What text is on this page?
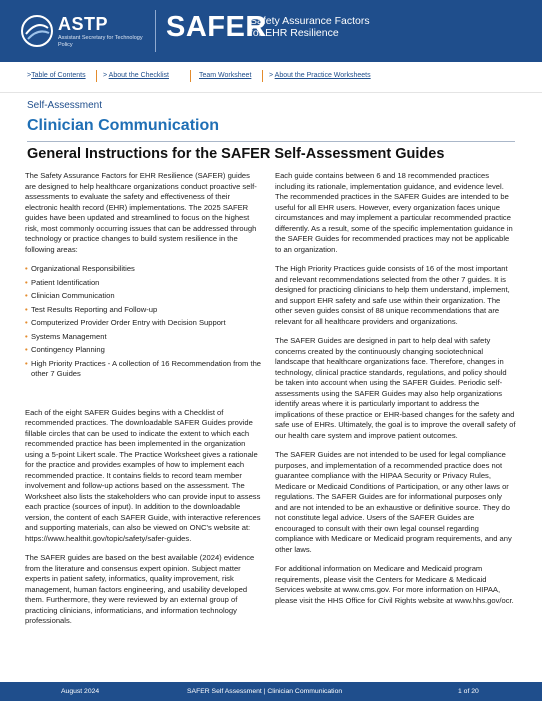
ASTP
Assistant Secretary for Technology Policy
SAFER
Safety Assurance Factors
for EHR Resilience
>Table of Contents > About the Checklist	Team Worksheet	> About the Practice Worksheets
Self-Assessment
Clinician Communication
General Instructions for the SAFER Self-Assessment Guides

The Safety Assurance Factors for EHR Resilience (SAFER) guides are designed to help healthcare organizations conduct proactive self-assessments to evaluate the safety and effectiveness of their electronic health record (EHR) implementations. The 2025 SAFER guides have been updated and streamlined to focus on the highest risk, most commonly occurring issues that can be addressed through technology or practice changes to build system resilience in the following areas:

• Organizational Responsibilities
• Patient Identification
• Clinician Communication
• Test Results Reporting and Follow-up
• Computerized Provider Order Entry with Decision Support
• Systems Management
• Contingency Planning
• High Priority Practices - A collection of 16 Recommendation from the other 7 Guides

Each of the eight SAFER Guides begins with a Checklist of recommended practices. The downloadable SAFER Guides provide fillable circles that can be used to indicate the extent to which each recommended practice has been implemented in the organization using a 5-point Likert scale. The Practice Worksheet gives a rationale for the practice and provides examples of how to implement each recommended practice. It contains fields to record team member involvement and follow-up actions based on the assessment. The Worksheet also lists the stakeholders who can provide input to assess each practice (sources of input). In addition to the downloadable version, the content of each SAFER Guide, with interactive references and supporting materials, can also be viewed on ONC's website at: https://www.healthit.gov/topic/safety/safer-guides.

The SAFER guides are based on the best available (2024) evidence from the literature and consensus expert opinion. Subject matter experts in patient safety, informatics, quality improvement, risk management, human factors engineering, and usability developed them. Furthermore, they were reviewed by an external group of practicing clinicians, informaticians, and information technology professionals.

Each guide contains between 6 and 18 recommended practices including its rationale, implementation guidance, and evidence level. The recommended practices in the SAFER Guides are intended to be useful for all EHR users. However, every organization faces unique circumstances and may implement a particular recommended practice differently. As a result, some of the specific implementation guidance in the SAFER Guides for recommended practices may not be applicable to an organization.

The High Priority Practices guide consists of 16 of the most important and relevant recommendations selected from the other 7 guides. It is designed for practicing clinicians to help them understand, implement, and support EHR safety and safe use within their organization. The other seven guides consist of 88 unique recommendations that are relevant for all healthcare providers and organizations.

The SAFER Guides are designed in part to help deal with safety concerns created by the continuously changing sociotechnical landscape that healthcare organizations face. Therefore, changes in technology, clinical practice standards, regulations, and policy should be taken into account when using the SAFER Guides. Periodic self-assessments using the SAFER Guides may also help organizations identify areas where it is particularly important to address the implications of these practice or EHR-based changes for the safety and safe use of EHRs. Ultimately, the goal is to improve the overall safety of our health care system and improve patient outcomes.

The SAFER Guides are not intended to be used for legal compliance purposes, and implementation of a recommended practice does not guarantee compliance with the HIPAA Security or Privacy Rules, Medicare or Medicaid Conditions of Participation, or any other laws or regulations. The SAFER Guides are for informational purposes only and are not intended to be an exhaustive or definitive source. They do not constitute legal advice. Users of the SAFER Guides are encouraged to consult with their own legal counsel regarding compliance with Medicare or Medicaid program requirements, and any other laws.

For additional information on Medicare and Medicaid program requirements, please visit the Centers for Medicare & Medicaid Services website at www.cms.gov. For more information on HIPAA, please visit the HHS Office for Civil Rights website at www.hhs.gov/ocr.

August 2024	SAFER Self Assessment | Clinician Communication	1 of 20
